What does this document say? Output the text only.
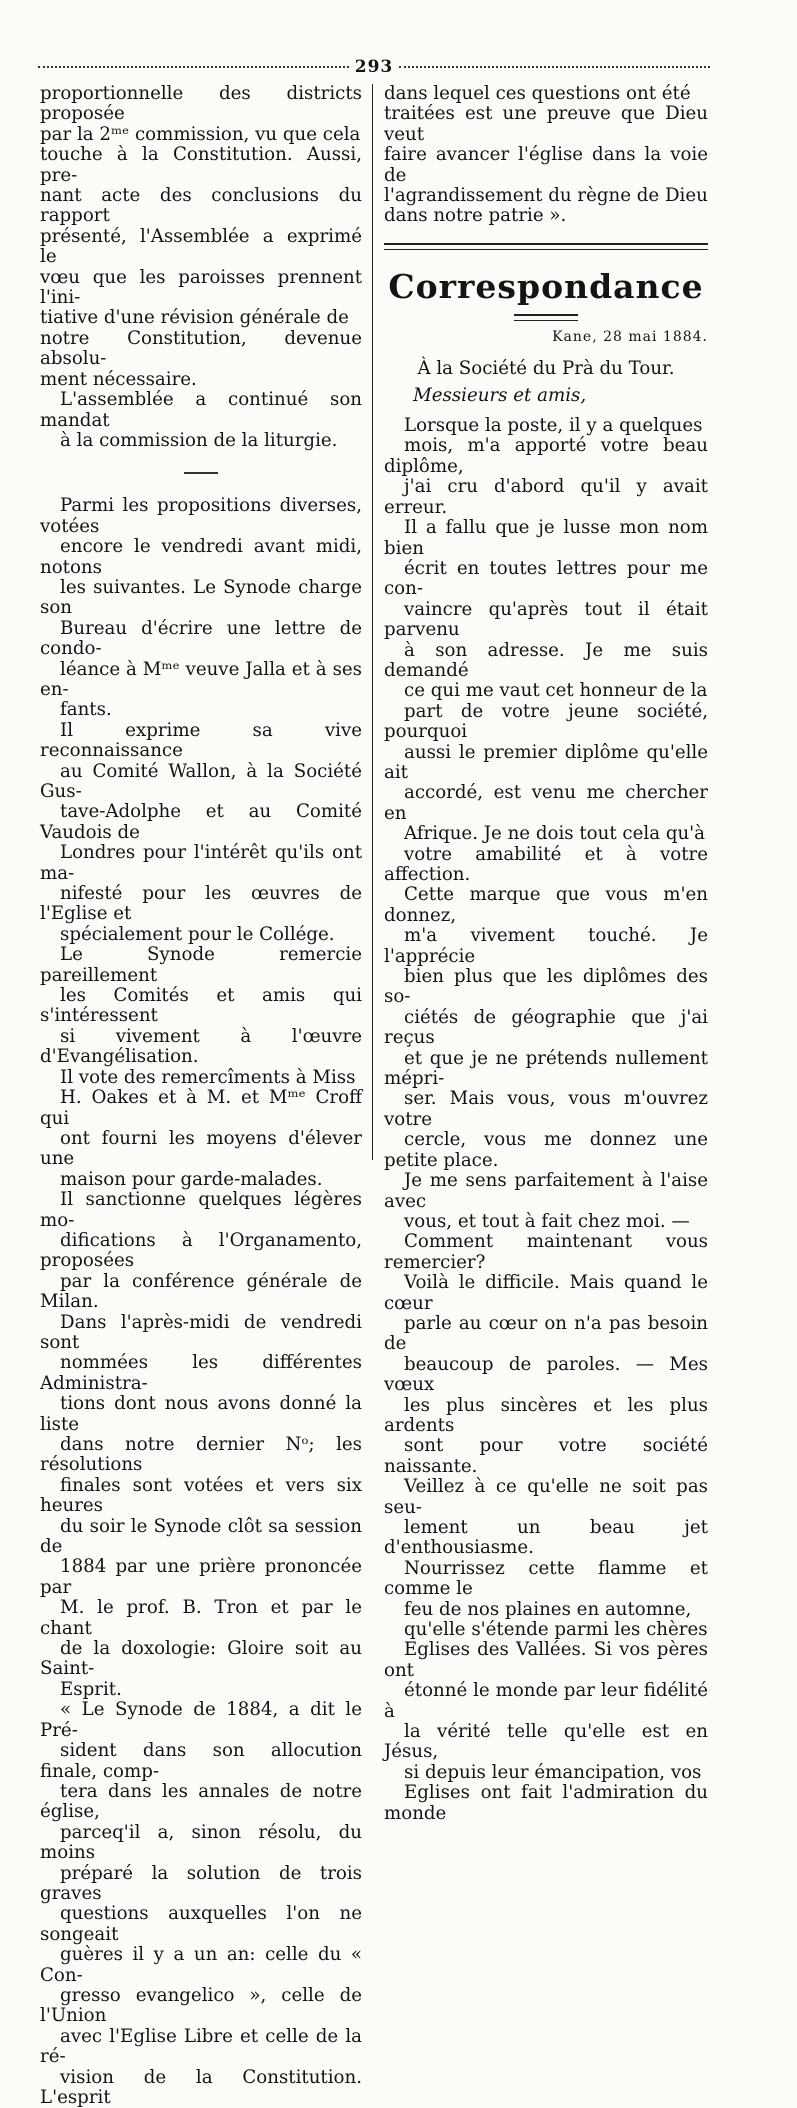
293

proportionnelle des districts proposée
par la 2ᵐᵉ commission, vu que cela
touche à la Constitution. Aussi, pre-
nant acte des conclusions du rapport
présenté, l'Assemblée a exprimé le
vœu que les paroisses prennent l'ini-
tiative d'une révision générale de
notre Constitution, devenue absolu-
ment nécessaire.

L'assemblée a continué son mandat
à la commission de la liturgie.

Parmi les propositions diverses, votées
encore le vendredi avant midi, notons
les suivantes. Le Synode charge son
Bureau d'écrire une lettre de condo-
léance à Mᵐᵉ veuve Jalla et à ses en-
fants.

Il exprime sa vive reconnaissance
au Comité Wallon, à la Société Gus-
tave-Adolphe et au Comité Vaudois de
Londres pour l'intérêt qu'ils ont ma-
nifesté pour les œuvres de l'Eglise et
spécialement pour le Collége.

Le Synode remercie pareillement
les Comités et amis qui s'intéressent
si vivement à l'œuvre d'Evangélisation.

Il vote des remercîments à Miss
H. Oakes et à M. et Mᵐᵉ Croff qui
ont fourni les moyens d'élever une
maison pour garde-malades.

Il sanctionne quelques légères mo-
difications à l'Organamento, proposées
par la conférence générale de Milan.

Dans l'après-midi de vendredi sont
nommées les différentes Administra-
tions dont nous avons donné la liste
dans notre dernier Nᵒ; les résolutions
finales sont votées et vers six heures
du soir le Synode clôt sa session de
1884 par une prière prononcée par
M. le prof. B. Tron et par le chant
de la doxologie: Gloire soit au Saint-
Esprit.

« Le Synode de 1884, a dit le Pré-
sident dans son allocution finale, comp-
tera dans les annales de notre église,
parceq'il a, sinon résolu, du moins
préparé la solution de trois graves
questions auxquelles l'on ne songeait
guères il y a un an: celle du « Con-
gresso evangelico », celle de l'Union
avec l'Eglise Libre et celle de la ré-
vision de la Constitution. L'esprit

dans lequel ces questions ont été
traitées est une preuve que Dieu veut
faire avancer l'église dans la voie de
l'agrandissement du règne de Dieu
dans notre patrie ».

Correspondance
Kane, 28 mai 1884.
À la Société du Prà du Tour.
Messieurs et amis,

Lorsque la poste, il y a quelques
mois, m'a apporté votre beau diplôme,
j'ai cru d'abord qu'il y avait erreur.
Il a fallu que je lusse mon nom bien
écrit en toutes lettres pour me con-
vaincre qu'après tout il était parvenu
à son adresse. Je me suis demandé
ce qui me vaut cet honneur de la
part de votre jeune société, pourquoi
aussi le premier diplôme qu'elle ait
accordé, est venu me chercher en
Afrique. Je ne dois tout cela qu'à
votre amabilité et à votre affection.
Cette marque que vous m'en donnez,
m'a vivement touché. Je l'apprécie
bien plus que les diplômes des so-
ciétés de géographie que j'ai reçus
et que je ne prétends nullement mépri-
ser. Mais vous, vous m'ouvrez votre
cercle, vous me donnez une petite place.
Je me sens parfaitement à l'aise avec
vous, et tout à fait chez moi. —
Comment maintenant vous remercier?
Voilà le difficile. Mais quand le cœur
parle au cœur on n'a pas besoin de
beaucoup de paroles. — Mes vœux
les plus sincères et les plus ardents
sont pour votre société naissante.
Veillez à ce qu'elle ne soit pas seu-
lement un beau jet d'enthousiasme.
Nourrissez cette flamme et comme le
feu de nos plaines en automne,
qu'elle s'étende parmi les chères
Eglises des Vallées. Si vos pères ont
étonné le monde par leur fidélité à
la vérité telle qu'elle est en Jésus,
si depuis leur émancipation, vos
Eglises ont fait l'admiration du monde
